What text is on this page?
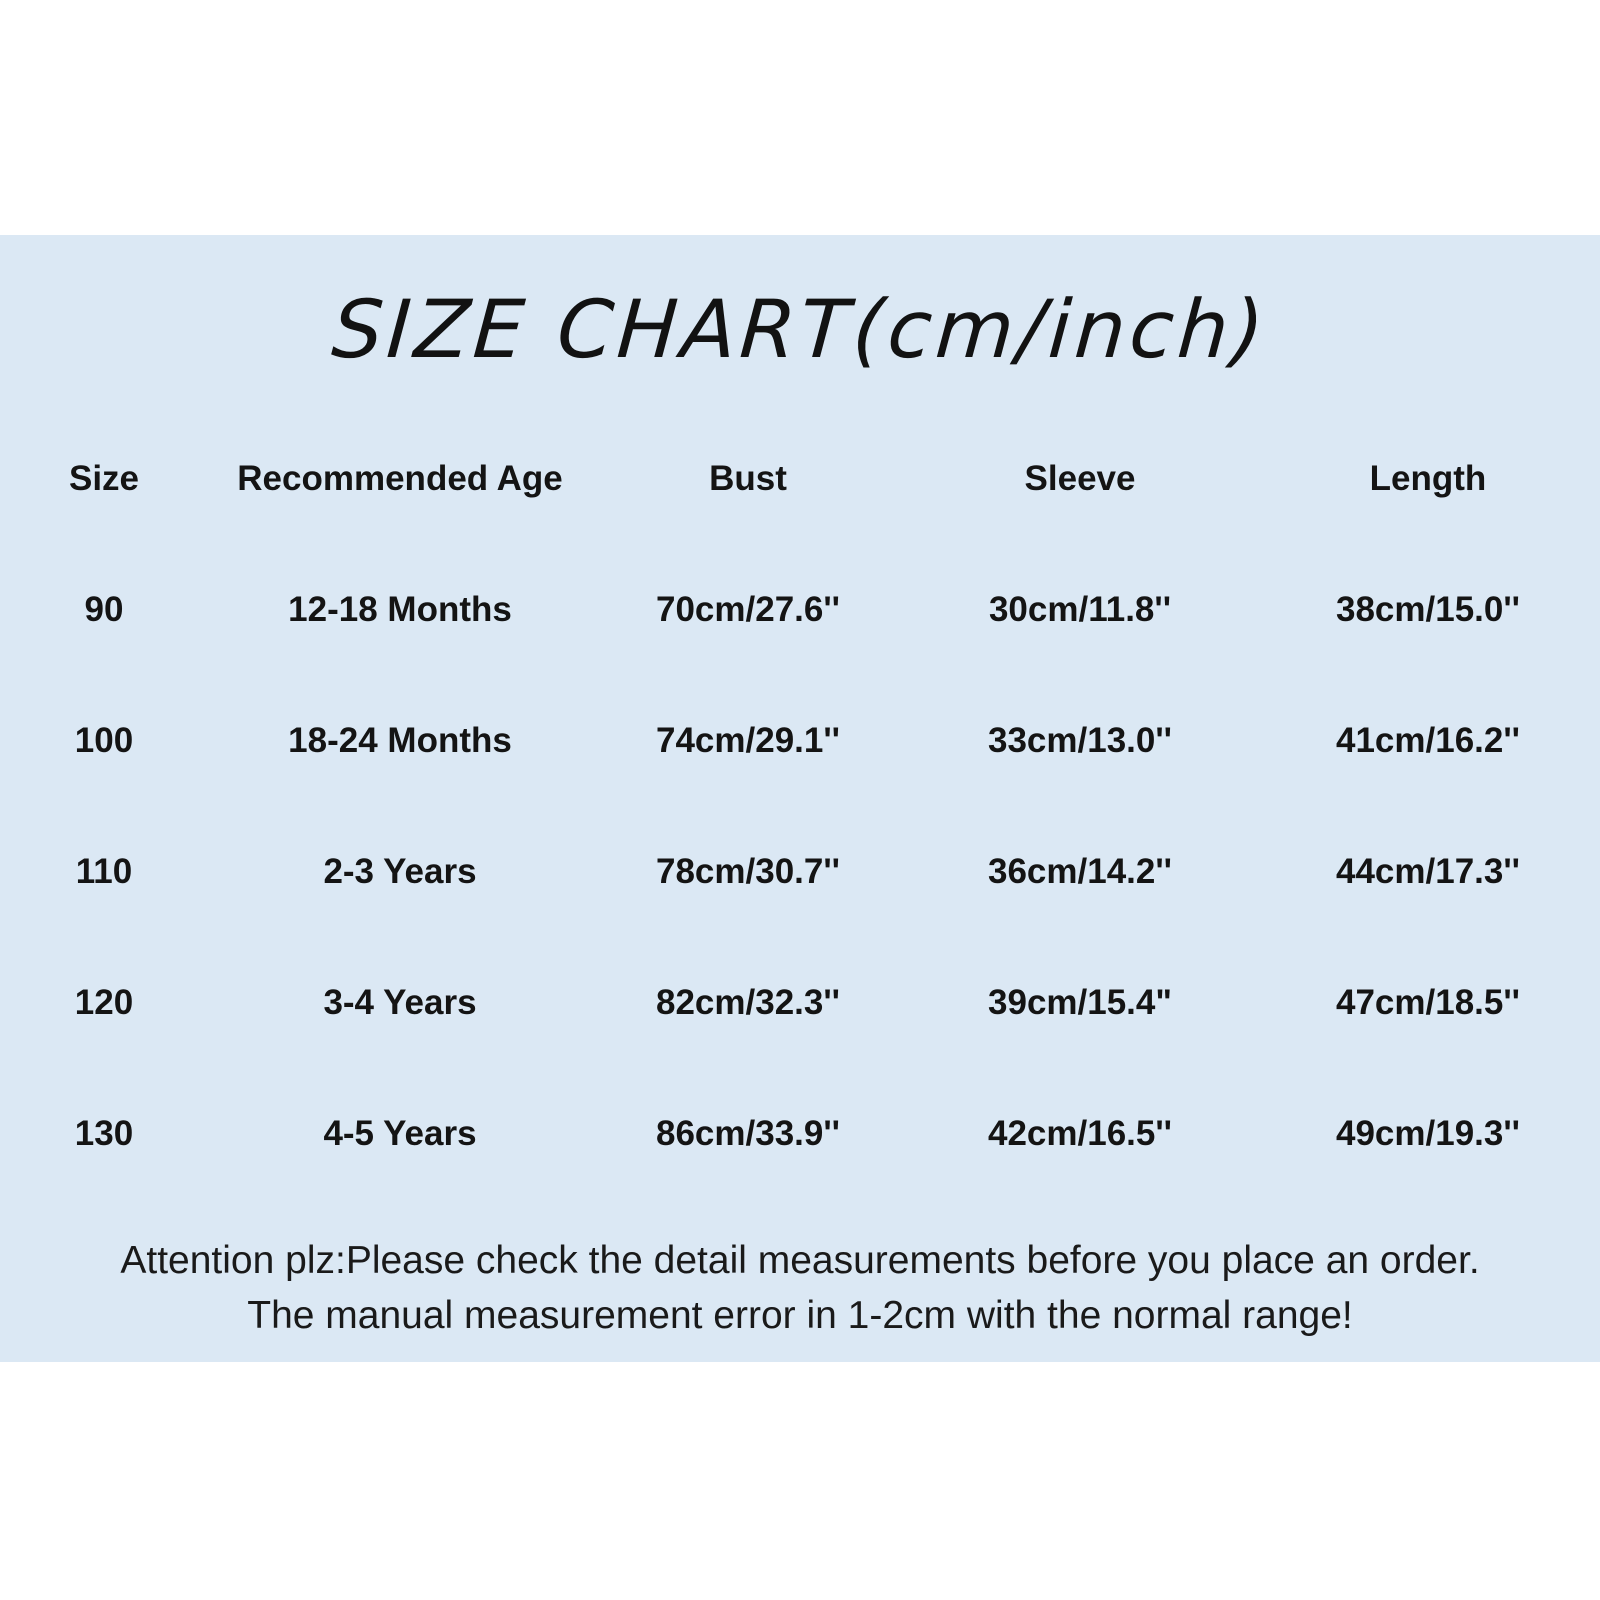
SIZE CHART(cm/inch)
Size	Recommended Age	Bust	Sleeve	Length
90	12-18 Months	70cm/27.6''	30cm/11.8''	38cm/15.0''
100	18-24 Months	74cm/29.1''	33cm/13.0''	41cm/16.2''
110	2-3 Years	78cm/30.7''	36cm/14.2''	44cm/17.3''
120	3-4 Years	82cm/32.3''	39cm/15.4"	47cm/18.5''
130	4-5 Years	86cm/33.9''	42cm/16.5''	49cm/19.3''
Attention plz:Please check the detail measurements before you place an order.
The manual measurement error in 1-2cm with the normal range!
